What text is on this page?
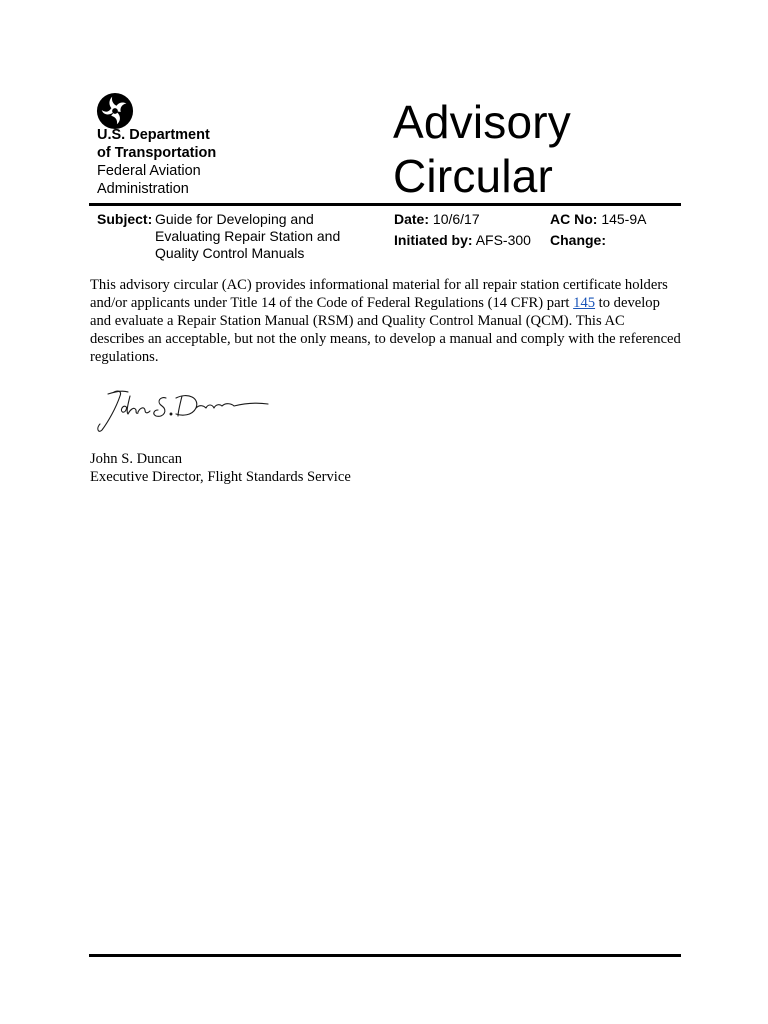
U.S. Department
of Transportation
Federal Aviation
Administration
Advisory
Circular
Subject: Guide for Developing and
Evaluating Repair Station and
Quality Control Manuals
Date: 10/6/17
Initiated by: AFS-300
AC No: 145-9A
Change:

This advisory circular (AC) provides informational material for all repair station certificate holders and/or applicants under Title 14 of the Code of Federal Regulations (14 CFR) part 145 to develop and evaluate a Repair Station Manual (RSM) and Quality Control Manual (QCM). This AC describes an acceptable, but not the only means, to develop a manual and comply with the referenced regulations.

John S. Duncan
Executive Director, Flight Standards Service
